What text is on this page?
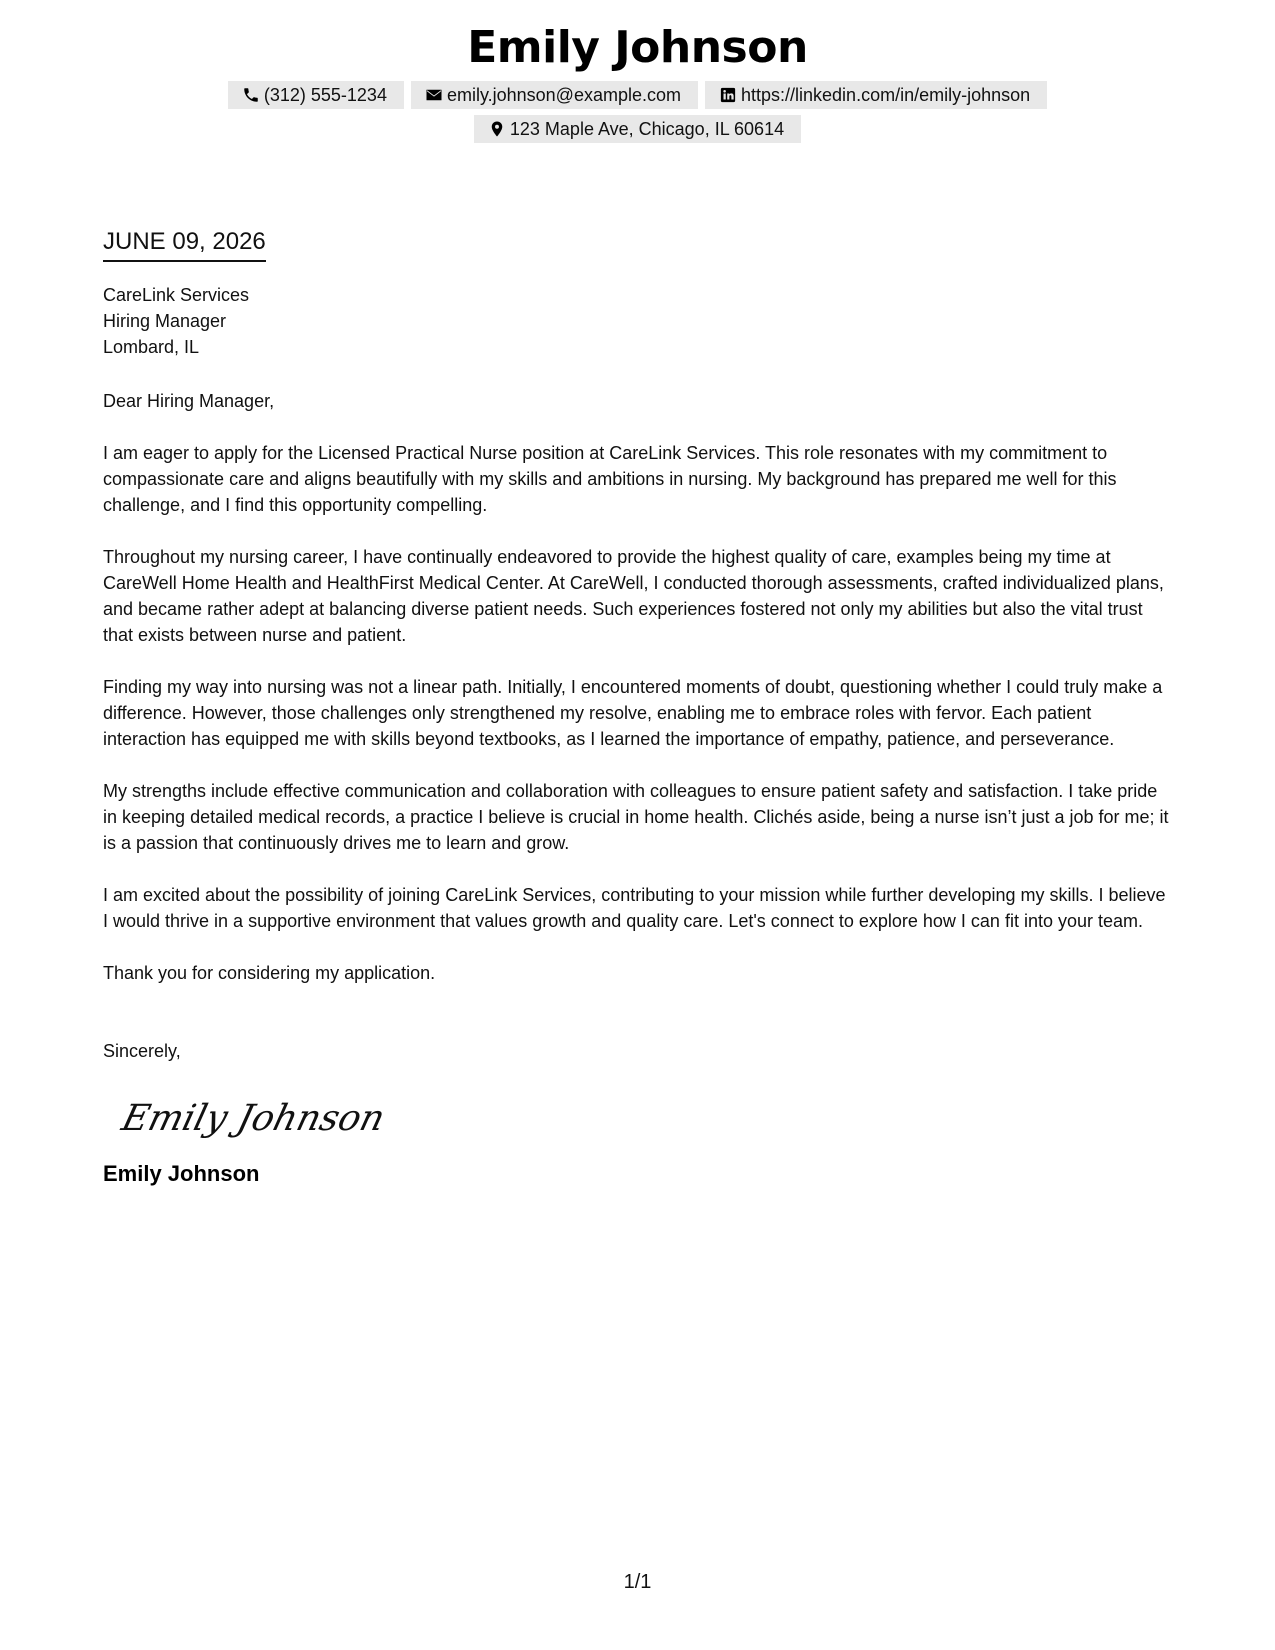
Emily Johnson
(312) 555-1234	emily.johnson@example.com	https://linkedin.com/in/emily-johnson
123 Maple Ave, Chicago, IL 60614

JUNE 09, 2026

CareLink Services
Hiring Manager
Lombard, IL
Dear Hiring Manager,

I am eager to apply for the Licensed Practical Nurse position at CareLink Services. This role resonates with my commitment to compassionate care and aligns beautifully with my skills and ambitions in nursing. My background has prepared me well for this challenge, and I find this opportunity compelling.

Throughout my nursing career, I have continually endeavored to provide the highest quality of care, examples being my time at CareWell Home Health and HealthFirst Medical Center. At CareWell, I conducted thorough assessments, crafted individualized plans, and became rather adept at balancing diverse patient needs. Such experiences fostered not only my abilities but also the vital trust that exists between nurse and patient.

Finding my way into nursing was not a linear path. Initially, I encountered moments of doubt, questioning whether I could truly make a difference. However, those challenges only strengthened my resolve, enabling me to embrace roles with fervor. Each patient interaction has equipped me with skills beyond textbooks, as I learned the importance of empathy, patience, and perseverance.

My strengths include effective communication and collaboration with colleagues to ensure patient safety and satisfaction. I take pride in keeping detailed medical records, a practice I believe is crucial in home health. Clichés aside, being a nurse isn’t just a job for me; it is a passion that continuously drives me to learn and grow.

I am excited about the possibility of joining CareLink Services, contributing to your mission while further developing my skills. I believe I would thrive in a supportive environment that values growth and quality care. Let's connect to explore how I can fit into your team.

Thank you for considering my application.

Sincerely,
Emily Johnson
Emily Johnson
1/1
